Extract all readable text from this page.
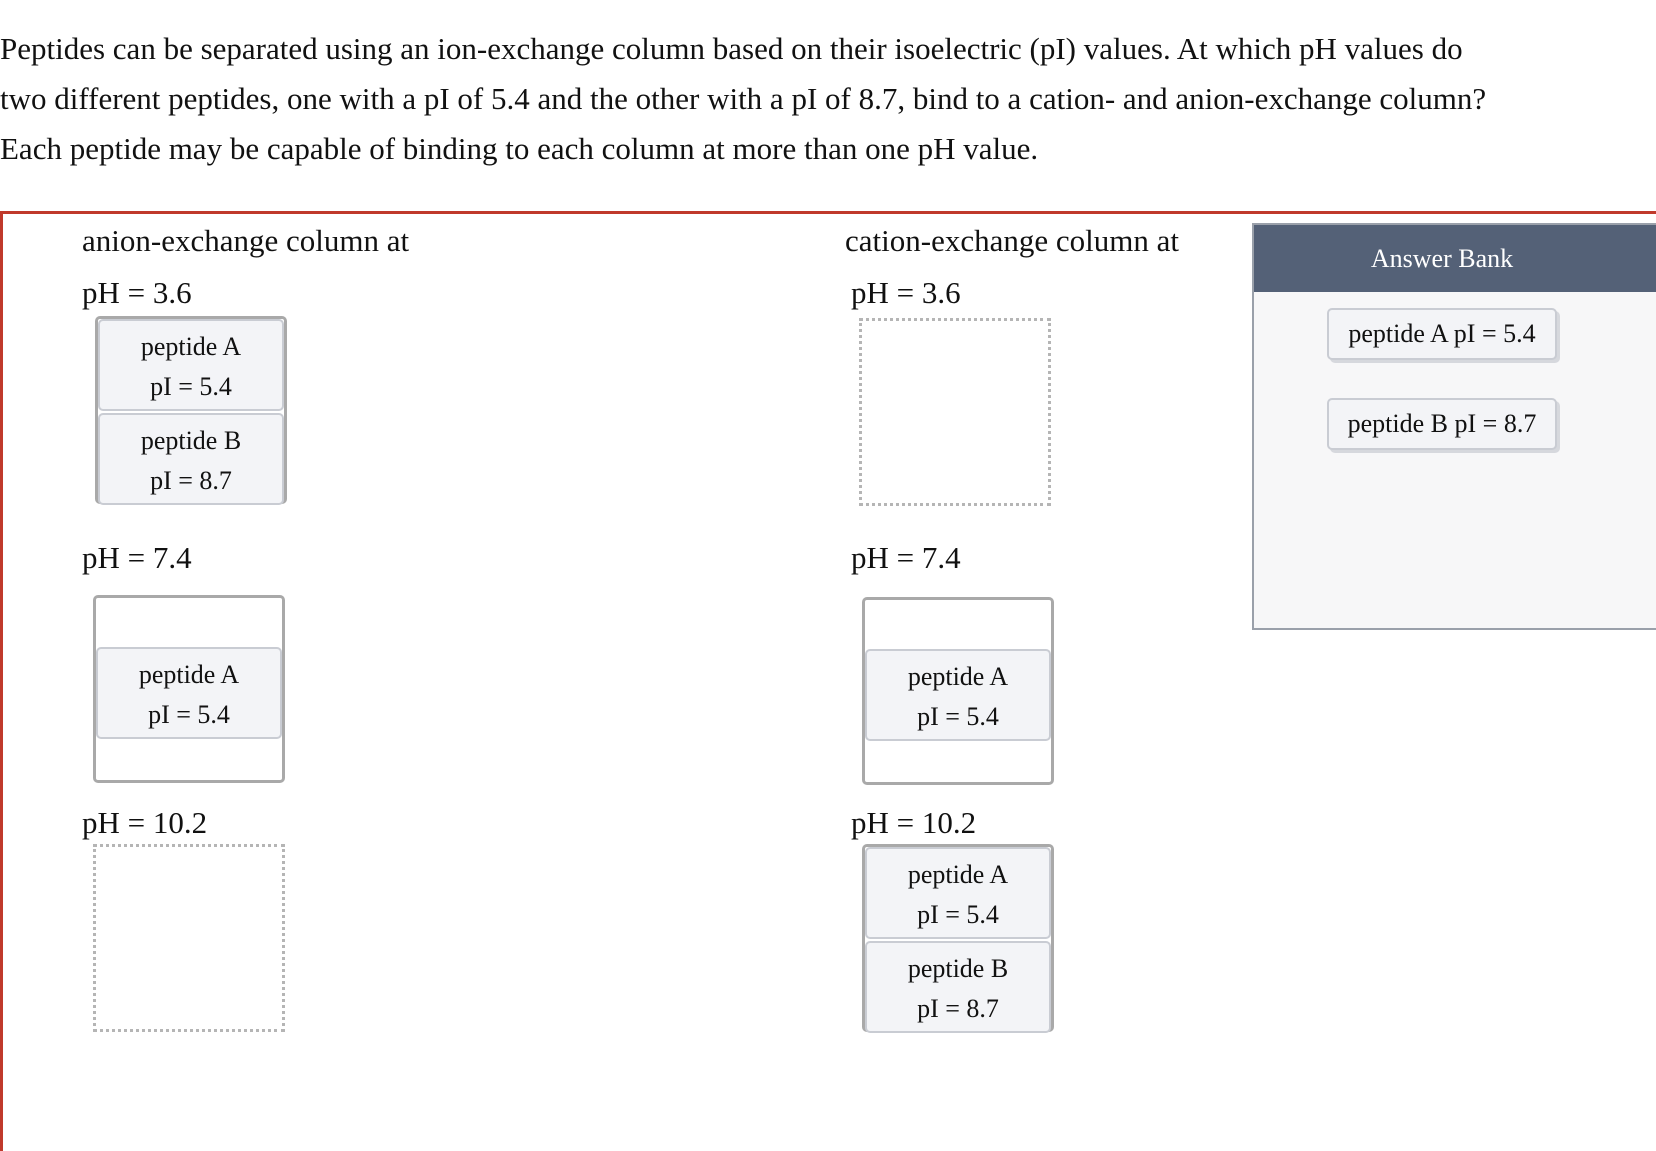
Peptides can be separated using an ion-exchange column based on their isoelectric (pI) values. At which pH values do

two different peptides, one with a pI of 5.4 and the other with a pI of 8.7, bind to a cation- and anion-exchange column?

Each peptide may be capable of binding to each column at more than one pH value.

anion-exchange column at
pH = 3.6
peptide A
pI = 5.4
peptide B
pI = 8.7
pH = 7.4
peptide A
pI = 5.4
pH = 10.2
cation-exchange column at
pH = 3.6
pH = 7.4
peptide A
pI = 5.4
pH = 10.2
peptide A
pI = 5.4
peptide B
pI = 8.7
Answer Bank
peptide A pI = 5.4
peptide B pI = 8.7
